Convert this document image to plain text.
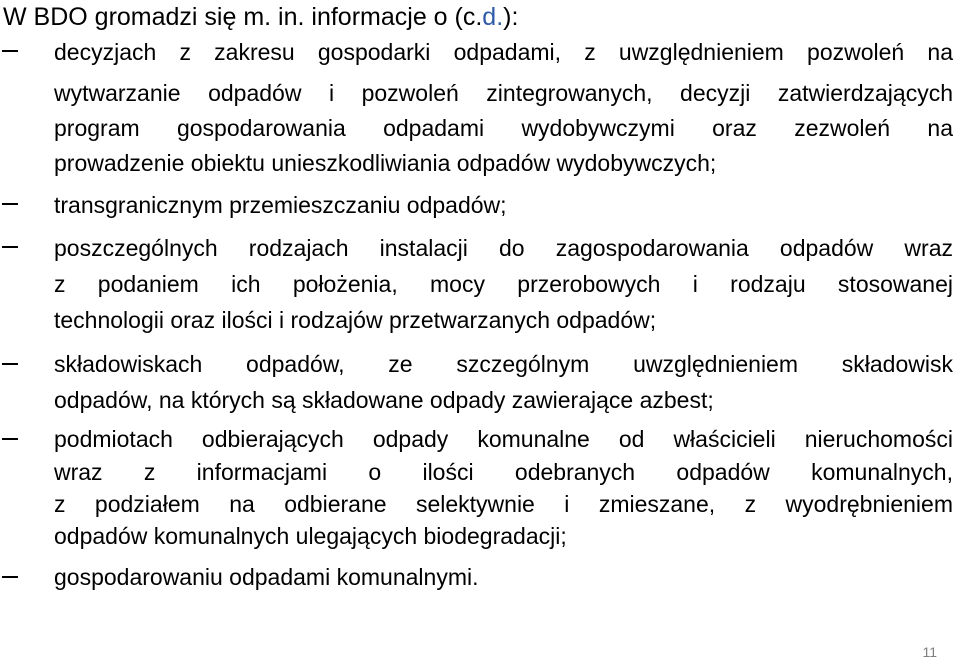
W BDO gromadzi się m. in. informacje o (c.d.):
decyzjach z zakresu gospodarki odpadami, z uwzględnieniem pozwoleń na
wytwarzanie odpadów i pozwoleń zintegrowanych, decyzji zatwierdzających
program gospodarowania odpadami wydobywczymi oraz zezwoleń na
prowadzenie obiektu unieszkodliwiania odpadów wydobywczych;
transgranicznym przemieszczaniu odpadów;
poszczególnych rodzajach instalacji do zagospodarowania odpadów wraz
z podaniem ich położenia, mocy przerobowych i rodzaju stosowanej
technologii oraz ilości i rodzajów przetwarzanych odpadów;
składowiskach odpadów, ze szczególnym uwzględnieniem składowisk
odpadów, na których są składowane odpady zawierające azbest;
podmiotach odbierających odpady komunalne od właścicieli nieruchomości
wraz z informacjami o ilości odebranych odpadów komunalnych,
z podziałem na odbierane selektywnie i zmieszane, z wyodrębnieniem
odpadów komunalnych ulegających biodegradacji;
gospodarowaniu odpadami komunalnymi.
11
